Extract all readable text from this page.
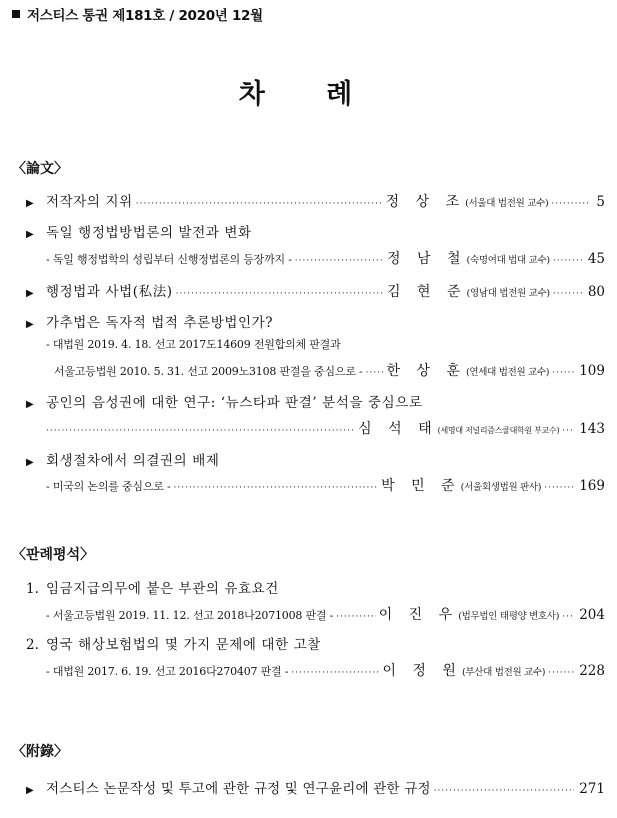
저스티스 통권 제181호 / 2020년 12월
차 례
〈論文〉
▶ 저작자의 지위 ·····	정 상 조 (서울대 법전원 교수) ·····	5
▶ 독일 행정법방법론의 발전과 변화
- 독일 행정법학의 성립부터 신행정법론의 등장까지 - ·····	정 남 철 (숙명여대 법대 교수) ·····	45
▶ 행정법과 사법(私法) ·····	김 현 준 (영남대 법전원 교수) ·····	80
▶ 가추법은 독자적 법적 추론방법인가?
- 대법원 2019. 4. 18. 선고 2017도14609 전원합의체 판결과
서울고등법원 2010. 5. 31. 선고 2009노3108 판결을 중심으로 - ····· 한 상 훈 (연세대 법전원 교수) ····· 109
▶ 공인의 음성권에 대한 연구: ‘뉴스타파 판결’ 분석을 중심으로
·····
심 석 태 (세명대 저널리즘스쿨대학원 부교수) ····· 143
▶ 회생절차에서 의결권의 배제
- 미국의 논의를 중심으로 - ·····	박 민 준 (서울회생법원 판사) ·····	169
〈판례평석〉
1. 임금지급의무에 붙은 부관의 유효요건
- 서울고등법원 2019. 11. 12. 선고 2018나2071008 판결 - ·····	이 진 우 (법무법인 태평양 변호사) ····· 204
2. 영국 해상보험법의 몇 가지 문제에 대한 고찰
- 대법원 2017. 6. 19. 선고 2016다270407 판결 - ·····	이 정 원 (부산대 법전원 교수) ·····	228
〈附錄〉
▶ 저스티스 논문작성 및 투고에 관한 규정 및 연구윤리에 관한 규정 ·····	271
